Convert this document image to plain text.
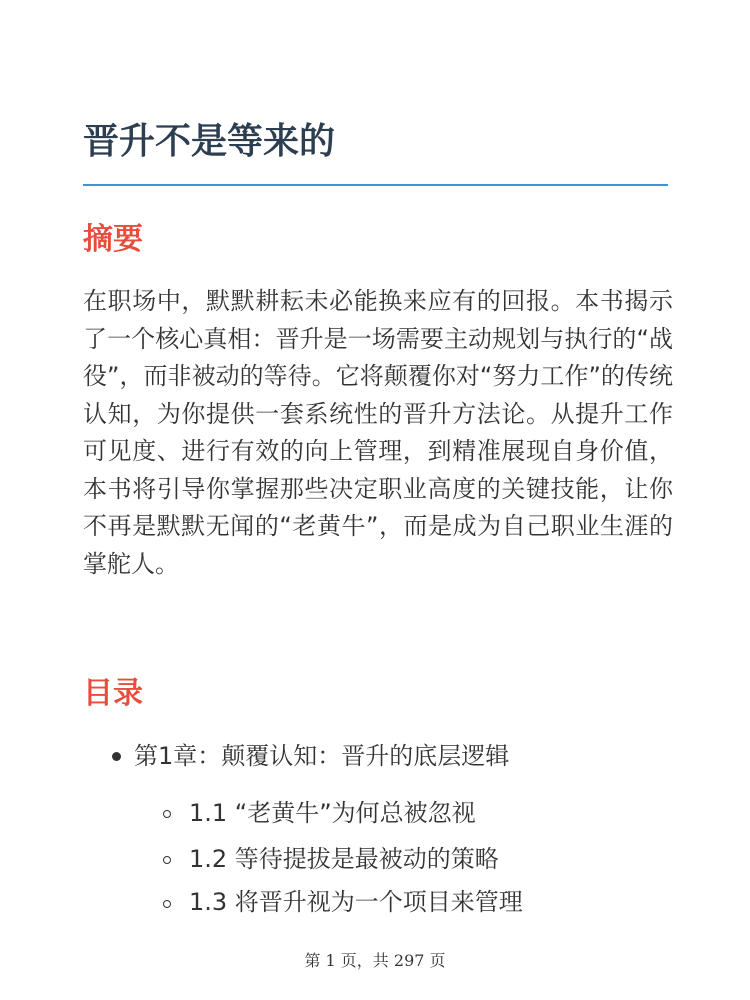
晋升不是等来的
摘要

在职场中，默默耕耘未必能换来应有的回报。本书揭示了一个核心真相：晋升是一场需要主动规划与执行的“战役”，而非被动的等待。它将颠覆你对“努力工作”的传统认知，为你提供一套系统性的晋升方法论。从提升工作可见度、进行有效的向上管理，到精准展现自身价值，本书将引导你掌握那些决定职业高度的关键技能，让你不再是默默无闻的“老黄牛”，而是成为自己职业生涯的掌舵人。

目录
第1章：颠覆认知：晋升的底层逻辑
1.1 “老黄牛”为何总被忽视
1.2 等待提拔是最被动的策略
1.3 将晋升视为一个项目来管理
第 1 页，共 297 页
